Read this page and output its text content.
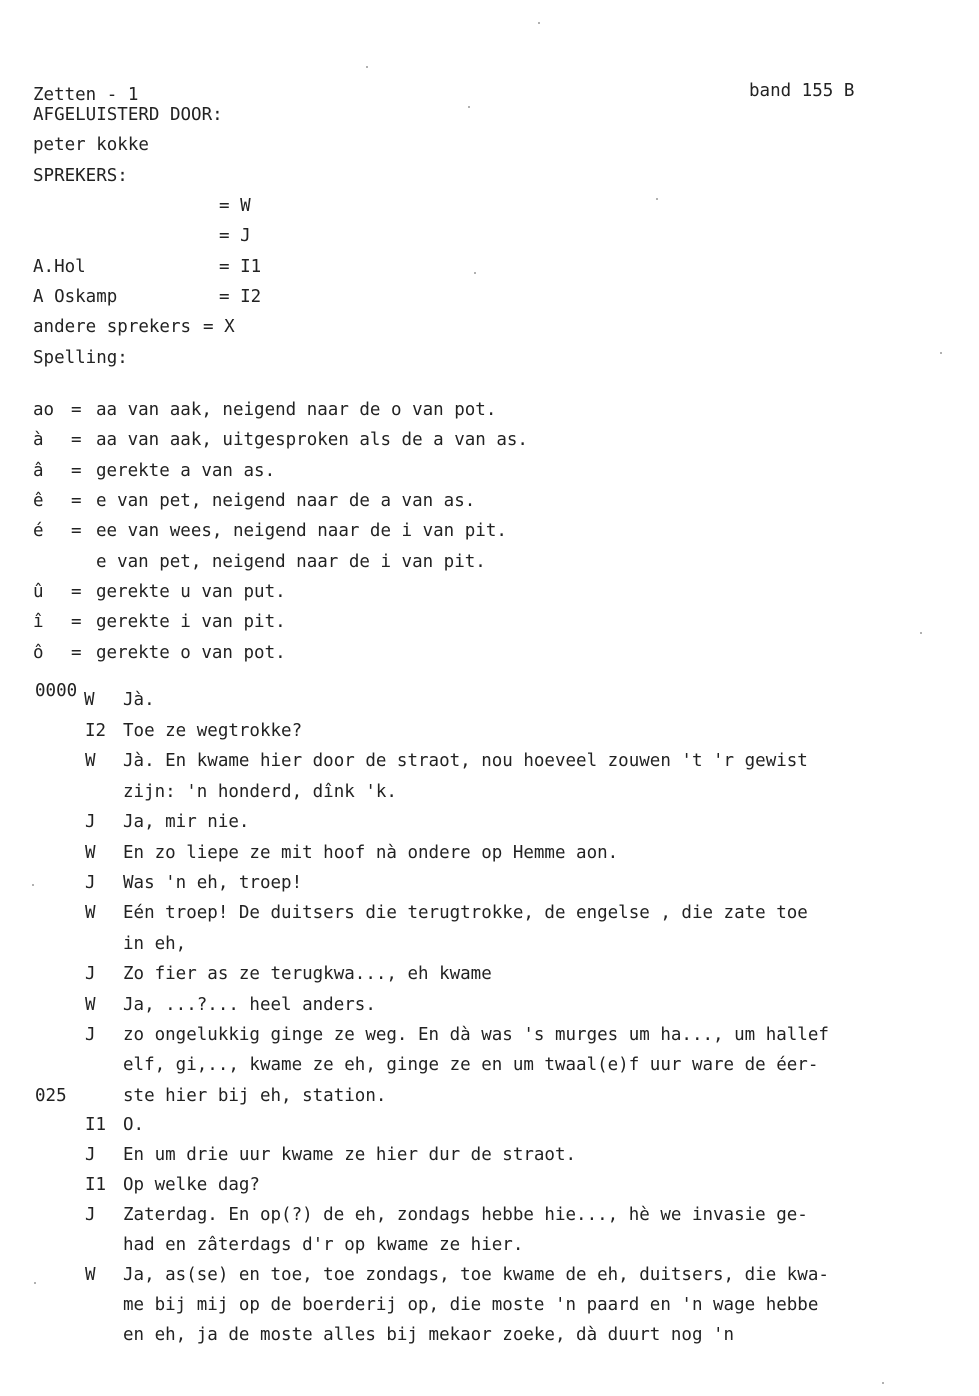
Zetten - 1	band 155 B
AFGELUISTERD DOOR:
peter kokke
SPREKERS:
= W
= J
A.Hol	= I1
A Oskamp	= I2
andere sprekers = X
Spelling:

ao = aa van aak, neigend naar de o van pot.

à = aa van aak, uitgesproken als de a van as.

â = gerekte a van as.

ê = e van pet, neigend naar de a van as.

é = ee van wees, neigend naar de i van pit.

e van pet, neigend naar de i van pit.

û = gerekte u van put.

î = gerekte i van pit.

ô = gerekte o van pot.

0000 W Jà.
I2 Toe ze wegtrokke?
W Jà. En kwame hier door de straot, nou hoeveel zouwen 't 'r gewist
zijn: 'n honderd, dînk 'k.
J Ja, mir nie.
W En zo liepe ze mit hoof nà ondere op Hemme aon.
J Was 'n eh, troep!
W Eén troep! De duitsers die terugtrokke, de engelse , die zate toe
in eh,
J Zo fier as ze terugkwa..., eh kwame
W Ja, ...?... heel anders.
J zo ongelukkig ginge ze weg. En dà was 's murges um ha..., um hallef
elf, gi,.., kwame ze eh, ginge ze en um twaal(e)f uur ware de éer-
025	ste hier bij eh, station.
I1 O.
J En um drie uur kwame ze hier dur de straot.
I1 Op welke dag?
J Zaterdag. En op(?) de eh, zondags hebbe hie..., hè we invasie ge-
had en zâterdags d'r op kwame ze hier.
W Ja, as(se) en toe, toe zondags, toe kwame de eh, duitsers, die kwa-
me bij mij op de boerderij op, die moste 'n paard en 'n wage hebbe
en eh, ja de moste alles bij mekaor zoeke, dà duurt nog 'n
